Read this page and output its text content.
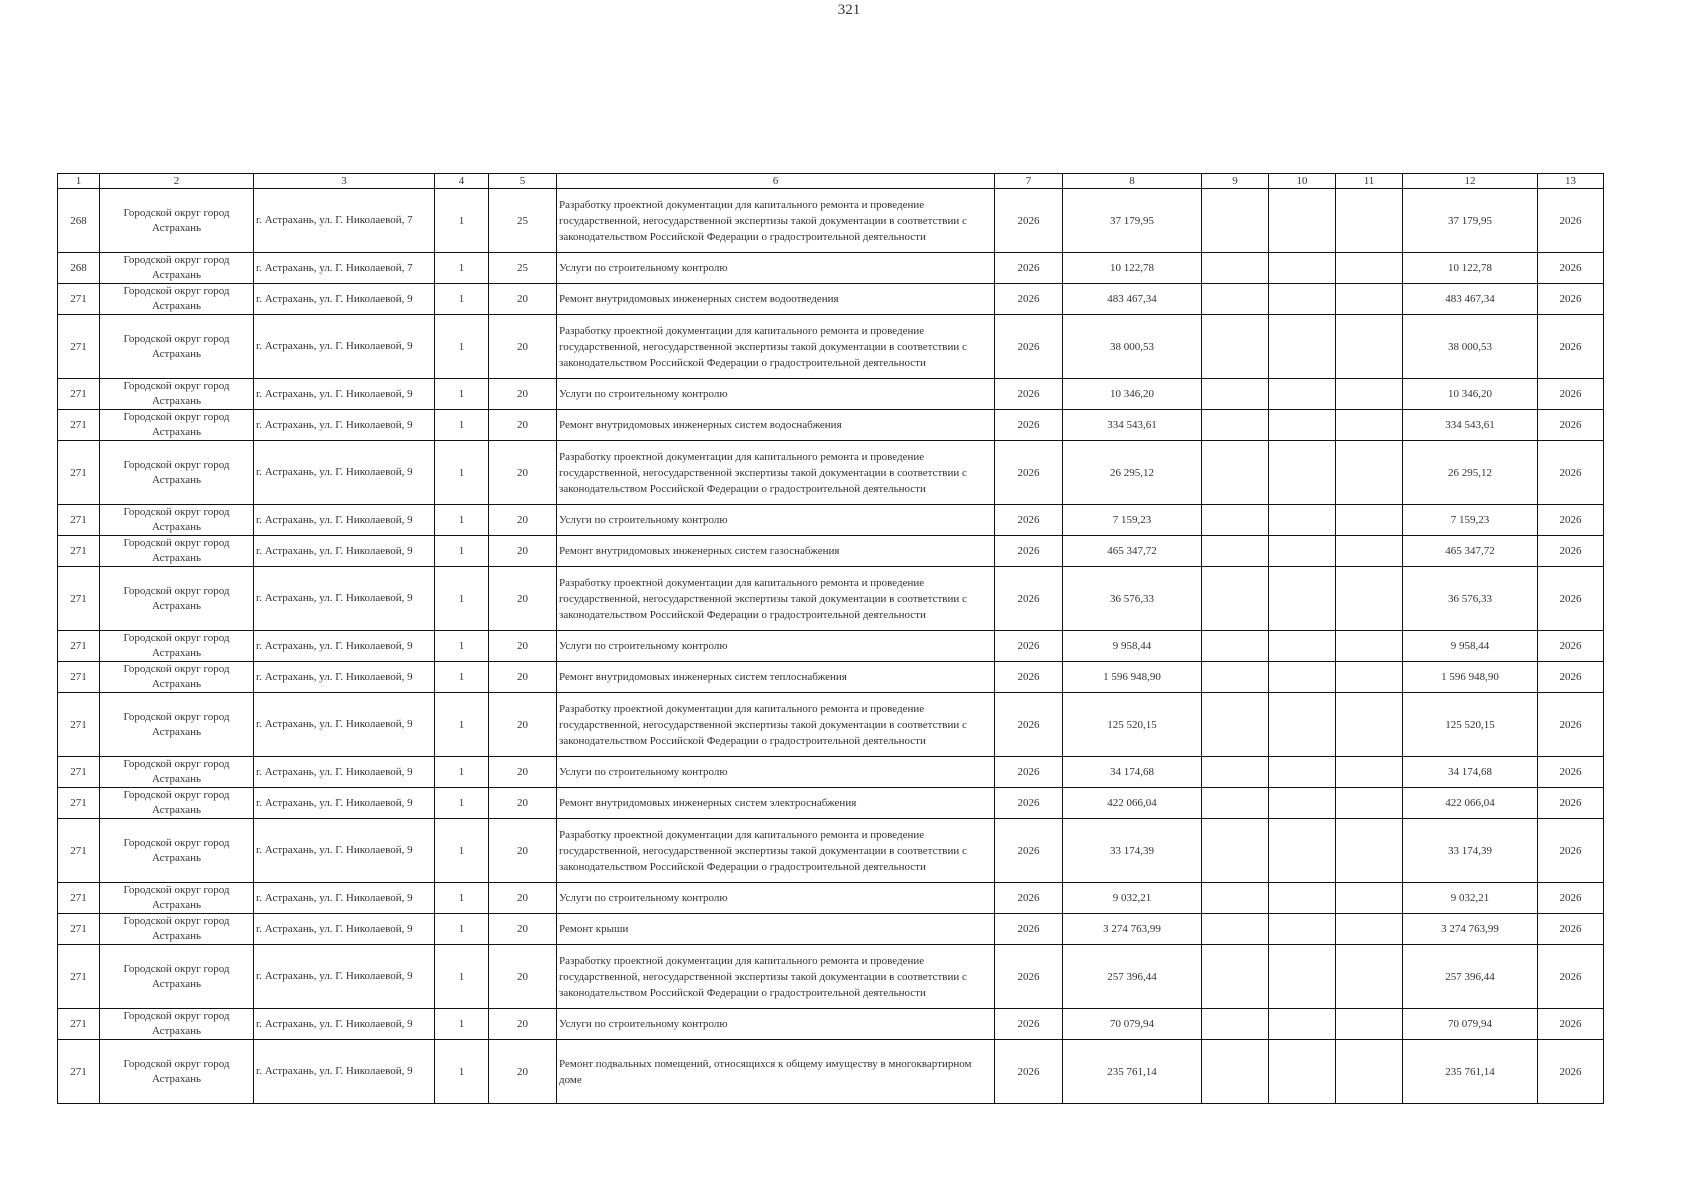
321
1	2	3	4	5	6	7	8	9	10	11	12	13
268	Городской округ город Астрахань	г. Астрахань, ул. Г. Николаевой, 7	1	25	Разработку проектной документации для капитального ремонта и проведение государственной, негосударственной экспертизы такой документации в соответствии с законодательством Российской Федерации о градостроительной деятельности	2026	37 179,95				37 179,95	2026
268	Городской округ город Астрахань	г. Астрахань, ул. Г. Николаевой, 7	1	25	Услуги по строительному контролю	2026	10 122,78				10 122,78	2026
271	Городской округ город Астрахань	г. Астрахань, ул. Г. Николаевой, 9	1	20	Ремонт внутридомовых инженерных систем водоотведения	2026	483 467,34				483 467,34	2026
271	Городской округ город Астрахань	г. Астрахань, ул. Г. Николаевой, 9	1	20	Разработку проектной документации для капитального ремонта и проведение государственной, негосударственной экспертизы такой документации в соответствии с законодательством Российской Федерации о градостроительной деятельности	2026	38 000,53				38 000,53	2026
271	Городской округ город Астрахань	г. Астрахань, ул. Г. Николаевой, 9	1	20	Услуги по строительному контролю	2026	10 346,20				10 346,20	2026
271	Городской округ город Астрахань	г. Астрахань, ул. Г. Николаевой, 9	1	20	Ремонт внутридомовых инженерных систем водоснабжения	2026	334 543,61				334 543,61	2026
271	Городской округ город Астрахань	г. Астрахань, ул. Г. Николаевой, 9	1	20	Разработку проектной документации для капитального ремонта и проведение государственной, негосударственной экспертизы такой документации в соответствии с законодательством Российской Федерации о градостроительной деятельности	2026	26 295,12				26 295,12	2026
271	Городской округ город Астрахань	г. Астрахань, ул. Г. Николаевой, 9	1	20	Услуги по строительному контролю	2026	7 159,23				7 159,23	2026
271	Городской округ город Астрахань	г. Астрахань, ул. Г. Николаевой, 9	1	20	Ремонт внутридомовых инженерных систем газоснабжения	2026	465 347,72				465 347,72	2026
271	Городской округ город Астрахань	г. Астрахань, ул. Г. Николаевой, 9	1	20	Разработку проектной документации для капитального ремонта и проведение государственной, негосударственной экспертизы такой документации в соответствии с законодательством Российской Федерации о градостроительной деятельности	2026	36 576,33				36 576,33	2026
271	Городской округ город Астрахань	г. Астрахань, ул. Г. Николаевой, 9	1	20	Услуги по строительному контролю	2026	9 958,44				9 958,44	2026
271	Городской округ город Астрахань	г. Астрахань, ул. Г. Николаевой, 9	1	20	Ремонт внутридомовых инженерных систем теплоснабжения	2026	1 596 948,90				1 596 948,90	2026
271	Городской округ город Астрахань	г. Астрахань, ул. Г. Николаевой, 9	1	20	Разработку проектной документации для капитального ремонта и проведение государственной, негосударственной экспертизы такой документации в соответствии с законодательством Российской Федерации о градостроительной деятельности	2026	125 520,15				125 520,15	2026
271	Городской округ город Астрахань	г. Астрахань, ул. Г. Николаевой, 9	1	20	Услуги по строительному контролю	2026	34 174,68				34 174,68	2026
271	Городской округ город Астрахань	г. Астрахань, ул. Г. Николаевой, 9	1	20	Ремонт внутридомовых инженерных систем электроснабжения	2026	422 066,04				422 066,04	2026
271	Городской округ город Астрахань	г. Астрахань, ул. Г. Николаевой, 9	1	20	Разработку проектной документации для капитального ремонта и проведение государственной, негосударственной экспертизы такой документации в соответствии с законодательством Российской Федерации о градостроительной деятельности	2026	33 174,39				33 174,39	2026
271	Городской округ город Астрахань	г. Астрахань, ул. Г. Николаевой, 9	1	20	Услуги по строительному контролю	2026	9 032,21				9 032,21	2026
271	Городской округ город Астрахань	г. Астрахань, ул. Г. Николаевой, 9	1	20	Ремонт крыши	2026	3 274 763,99				3 274 763,99	2026
271	Городской округ город Астрахань	г. Астрахань, ул. Г. Николаевой, 9	1	20	Разработку проектной документации для капитального ремонта и проведение государственной, негосударственной экспертизы такой документации в соответствии с законодательством Российской Федерации о градостроительной деятельности	2026	257 396,44				257 396,44	2026
271	Городской округ город Астрахань	г. Астрахань, ул. Г. Николаевой, 9	1	20	Услуги по строительному контролю	2026	70 079,94				70 079,94	2026
271	Городской округ город Астрахань	г. Астрахань, ул. Г. Николаевой, 9	1	20	Ремонт подвальных помещений, относящихся к общему имуществу в многоквартирном доме	2026	235 761,14				235 761,14	2026
